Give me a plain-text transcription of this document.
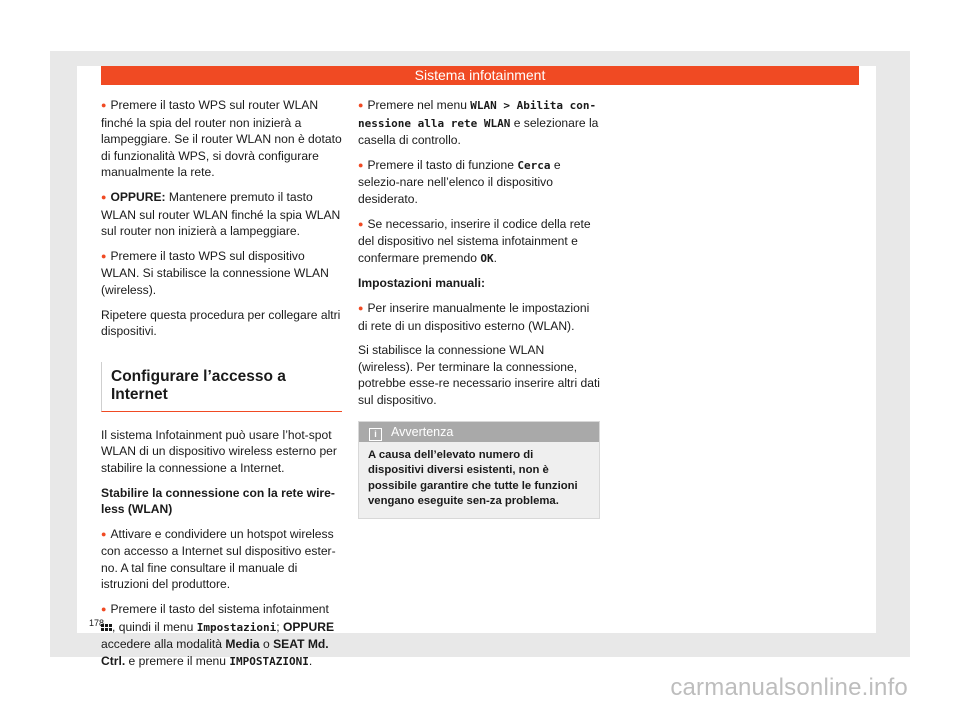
Sistema infotainment

● Premere il tasto WPS sul router WLAN finché la spia del router non inizierà a lampeggiare. Se il router WLAN non è dotato di funzionalità WPS, si dovrà configurare manualmente la rete.

● OPPURE: Mantenere premuto il tasto WLAN sul router WLAN finché la spia WLAN sul router non inizierà a lampeggiare.

● Premere il tasto WPS sul dispositivo WLAN. Si stabilisce la connessione WLAN (wireless).

Ripetere questa procedura per collegare altri dispositivi.

Configurare l’accesso a Internet

Il sistema Infotainment può usare l’hot-spot WLAN di un dispositivo wireless esterno per stabilire la connessione a Internet.

Stabilire la connessione con la rete wire-less (WLAN)

● Attivare e condividere un hotspot wireless con accesso a Internet sul dispositivo ester-no. A tal fine consultare il manuale di istruzioni del produttore.

● Premere il tasto del sistema infotainment , quindi il menu Impostazioni; OPPURE accedere alla modalità Media o SEAT Md. Ctrl. e premere il menu IMPOSTAZIONI.

● Premere nel menu WLAN > Abilita con-nessione alla rete WLAN e selezionare la casella di controllo.

● Premere il tasto di funzione Cerca e selezio-nare nell’elenco il dispositivo desiderato.

● Se necessario, inserire il codice della rete del dispositivo nel sistema infotainment e confermare premendo OK.

Impostazioni manuali:

● Per inserire manualmente le impostazioni di rete di un dispositivo esterno (WLAN).

Si stabilisce la connessione WLAN (wireless). Per terminare la connessione, potrebbe esse-re necessario inserire altri dati sul dispositivo.

i Avvertenza
A causa dell’elevato numero di dispositivi diversi esistenti, non è possibile garantire che tutte le funzioni vengano eseguite sen-za problema.
178
carmanualsonline.info
